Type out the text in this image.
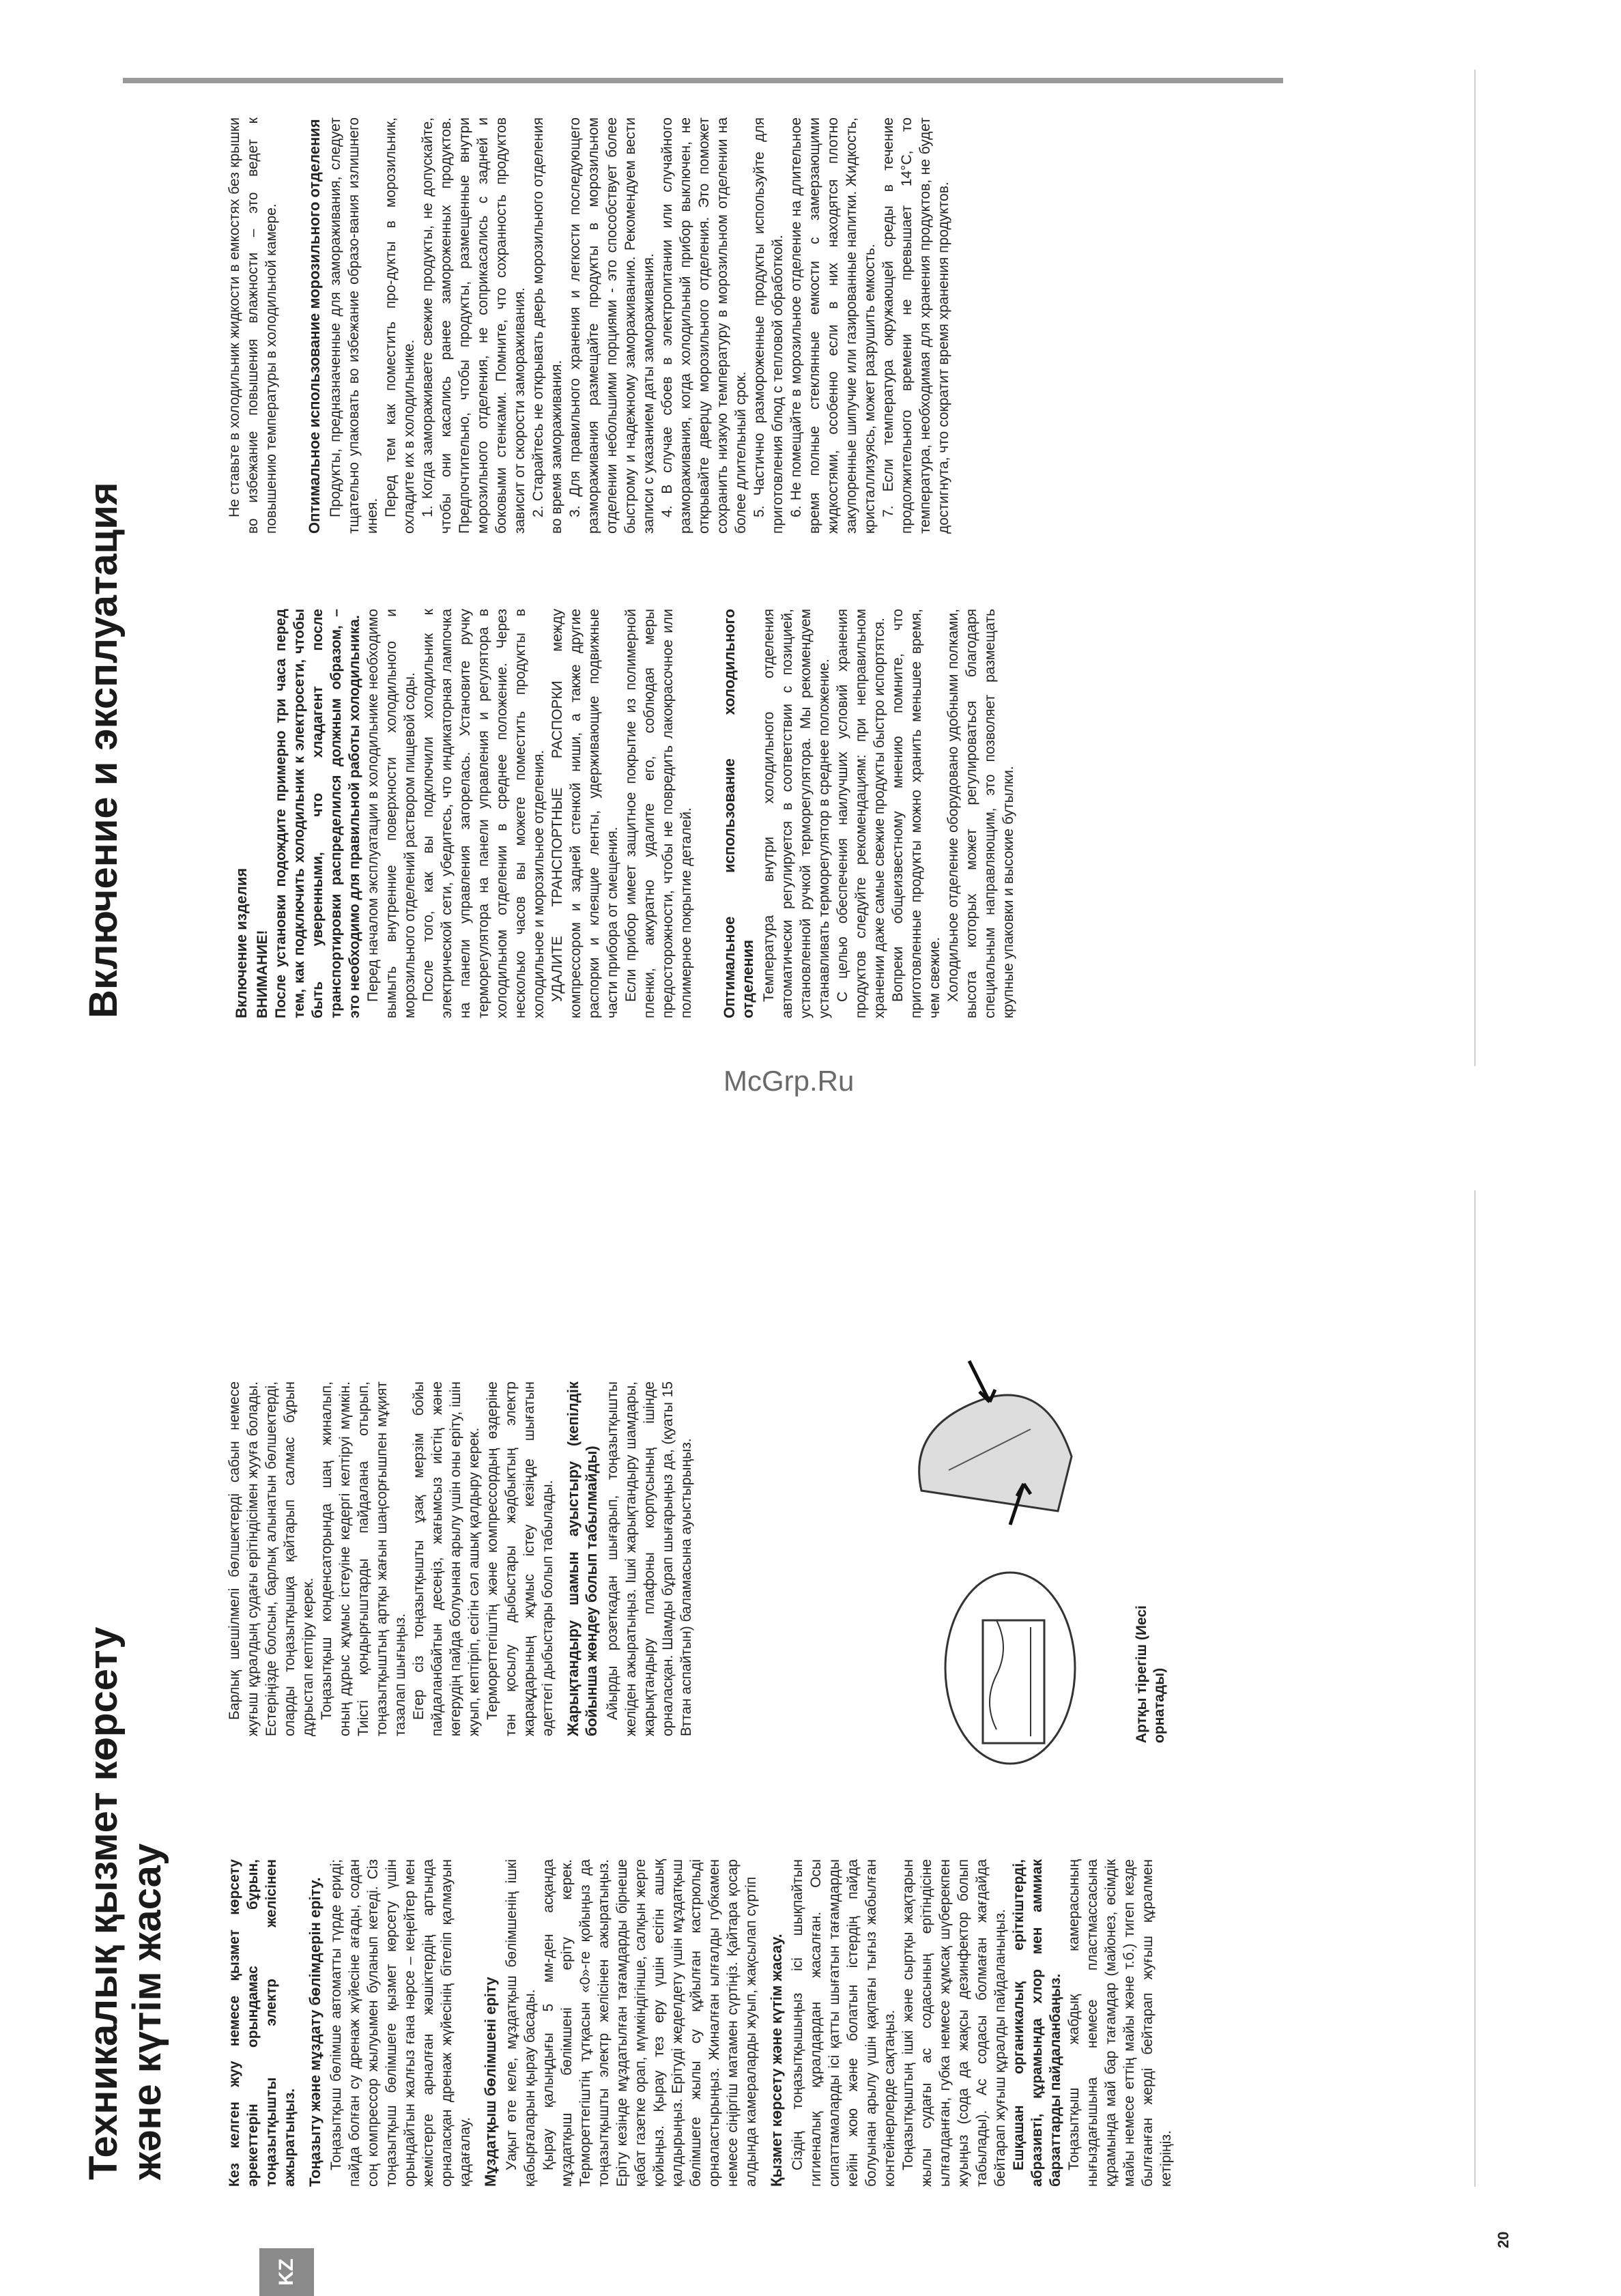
KZ
Техникалық қызмет көрсету
және күтім жасау	Кез келген жуу немесе қызмет көрсету әрекеттерін орындамас бұрын, тоңазытқышты электр желісінен ажыратыңыз. Тоңазыту және мұздату бөлімдерін еріту. Тоңазытқыш бөлімше автоматты түрде ериді; пайда болған су дренаж жүйесіне ағады, содан соң компрессор жылуымен буланып кетеді. Сіз тоңазытқыш бөлімшеге қызмет көрсету үшін орындайтын жалғыз ғана нәрсе – кеңейтер мен жемістерге арналған жәшіктердің артында орналасқан дренаж жүйесінің бітеліп қалмауын қадағалау. Мұздатқыш бөлімшені еріту Уақыт өте келе, мұздатқыш бөлімшенің ішкі қабырғаларын қырау басады. Қырау қалыңдығы 5 мм-ден асқанда мұздатқыш бөлімшені еріту керек. Термореттегіштің тұтқасын «0»-ге қойыңыз да тоңазытқышты электр желісінен ажыратыңыз. Еріту кезінде мұздатылған тағамдарды бірнеше қабат газетке орап, мүмкіндігінше, салқын жерге қойыңыз. Қырау тез еру үшін есігін ашық қалдырыңыз. Ерітуді жеделдету үшін мұздатқыш бөлімшеге жылы су құйылған кастрюльді орналастырыңыз. Жиналған ылғалды губкамен немесе сіңіргіш матамен сүртіңіз. Қайтара қосар алдында камераларды жуып, жақсылап сүртіп Қызмет көрсету және күтім жасау. Сіздің тоңазытқышыңыз ісі шықпайтын гигиеналық құралдардан жасалған. Осы сипаттамаларды ісі қатты шығатын тағамдарды кейін жою және болатын істердің пайда болуынан арылу үшін қақпағы тығыз жабылған контейнерлерде сақтаңыз. Тоңазытқыштың ішкі және сыртқы жақтарын жылы судағы ас содасының ерітіндісіне ылғалданған, губка немесе жұмсақ шүберекпен жуыңыз (сода да жақсы дезинфектор болып табылады). Ас содасы болмаған жағдайда бейтарап жуғыш құралды пайдаланыңыз. Ешқашан органикалық еріткіштерді, абразивті, құрамында хлор мен аммиак барзаттарды пайдаланбаңыз. Тоңазытқыш жабдық камерасының нығыздағышына немесе пластмассасына құрамында май бар тағамдар (майонез, өсімдік майы немесе еттің майы және т.б.) тигеп кезде былғанған жерді бейтарап жуғыш құралмен кетіріңіз.

Барлық шешілмелі бөлшектерді сабын немесе жуғыш құралдың судағы ерітіндісімен жууға болады. Естеріңізде болсын, барлық алынатын бөлшектерді, оларды тоңазытқышқа қайтарып салмас бұрын дұрыстап кептіру керек. Тоңазытқыш конденсаторында шаң жиналып, оның дұрыс жұмыс істеуіне кедергі келтіруі мүмкін. Тиісті қондырғыштарды пайдалана отырып, тоңазытқыштың артқы жағын шаңсорғышпен мұқият тазалап шығыңыз. Егер сіз тоңазытқышты ұзақ мерзім бойы пайдаланбайтын десеңіз, жағымсыз иістің және көгерудің пайда болуынан арылу үшін оны еріту, ішін жуып, кептіріп, есігін сәл ашық қалдыру керек. Термореттегіштің және компрессордың өздеріне тән қосылу дыбыстары жәдбыктың электр жарақдарының жұмыс істеу кезіңде шығатын әдеттегі дыбыстары болып табылады. Жарықтандыру шамын ауыстыру (кепілдік бойынша жөндеу болып табылмайды) Айырды розеткадан шығарып, тоңазытқышты желіден ажыратыңыз. Ішкі жарықтандыру шамдары, жарықтандыру плафоны корпусының ішінде орналасқан. Шамды бұрап шығарыңыз да, (қуаты 15 Вттан аспайтын) баламасына ауыстырыңыз.	Артқы тірегіш (Иесі орнатады)
20
Включение и эксплуатация	Включение изделия ВНИМАНИЕ! После установки подождите примерно три часа перед тем, как подключить холодильник к электросети, чтобы быть уверенными, что хладагент после транспортировки распределился должным образом, – это необходимо для правильной работы холодильника. Перед началом эксплуатации в холодильнике необходимо вымыть внутренние поверхности холодильного и морозильного отделений раствором пищевой соды. После того, как вы подключили холодильник к электрической сети, убедитесь, что индикаторная лампочка на панели управления загорелась. Установите ручку терморегулятора на панели управления и регулятора в холодильном отделении в среднее положение. Через несколько часов вы можете поместить продукты в холодильное и морозильное отделения. УДАЛИТЕ ТРАНСПОРТНЫЕ РАСПОРКИ между компрессором и задней стенкой ниши, а также другие распорки и клеящие ленты, удерживающие подвижные части прибора от смещения. Если прибор имеет защитное покрытие из полимерной пленки, аккуратно удалите его, соблюдая меры предосторожности, чтобы не повредить лакокрасочное или полимерное покрытие деталей. Оптимальное использование холодильного отделения Температура внутри холодильного отделения автоматически регулируется в соответствии с позицией, установленной ручкой терморегулятора. Мы рекомендуем устанавливать терморегулятор в среднее положение. С целью обеспечения наилучших условий хранения продуктов следуйте рекомендациям: при неправильном хранении даже самые свежие продукты быстро испортятся. Вопреки общеизвестному мнению помните, что приготовленные продукты можно хранить меньшее время, чем свежие. Холодильное отделение оборудовано удобными полками, высота которых может регулироваться благодаря специальным направляющим, это позволяет размещать крупные упаковки и высокие бутылки.

Не ставьте в холодильник жидкости в емкостях без крышки во избежание повышения влажности – это ведет к повышению температуры в холодильной камере. Оптимальное использование морозильного отделения Продукты, предназначенные для замораживания, следует тщательно упаковать во избежание образо-вания излишнего инея. Перед тем как поместить про-дукты в морозильник, охладите их в холодильнике. 1. Когда замораживаете свежие продукты, не допускайте, чтобы они касались ранее замороженных продуктов. Предпочтительно, чтобы продукты, размещенные внутри морозильного отделения, не соприкасались с задней и боковыми стенками. Помните, что сохранность продуктов зависит от скорости замораживания. 2. Старайтесь не открывать дверь морозильного отделения во время замораживания. 3. Для правильного хранения и легкости последующего размораживания размещайте продукты в морозильном отделении небольшими порциями - это способствует более быстрому и надежному замораживанию. Рекомендуем вести записи с указанием даты замораживания. 4. В случае сбоев в электропитании или случайного размораживания, когда холодильный прибор выключен, не открывайте дверцу морозильного отделения. Это поможет сохранить низкую температуру в морозильном отделении на более длительный срок. 5. Частично размороженные продукты используйте для приготовления блюд с тепловой обработкой. 6. Не помещайте в морозильное отделение на длительное время полные стеклянные емкости с замерзающими жидкостями, особенно если в них находятся плотно закупоренные шипучие или газированные напитки. Жидкость, кристаллизуясь, может разрушить емкость. 7. Если температура окружающей среды в течение продолжительного времени не превышает 14°С, то температура, необходимая для хранения продуктов, не будет достигнута, что сократит время хранения продуктов.

McGrp.Ru
